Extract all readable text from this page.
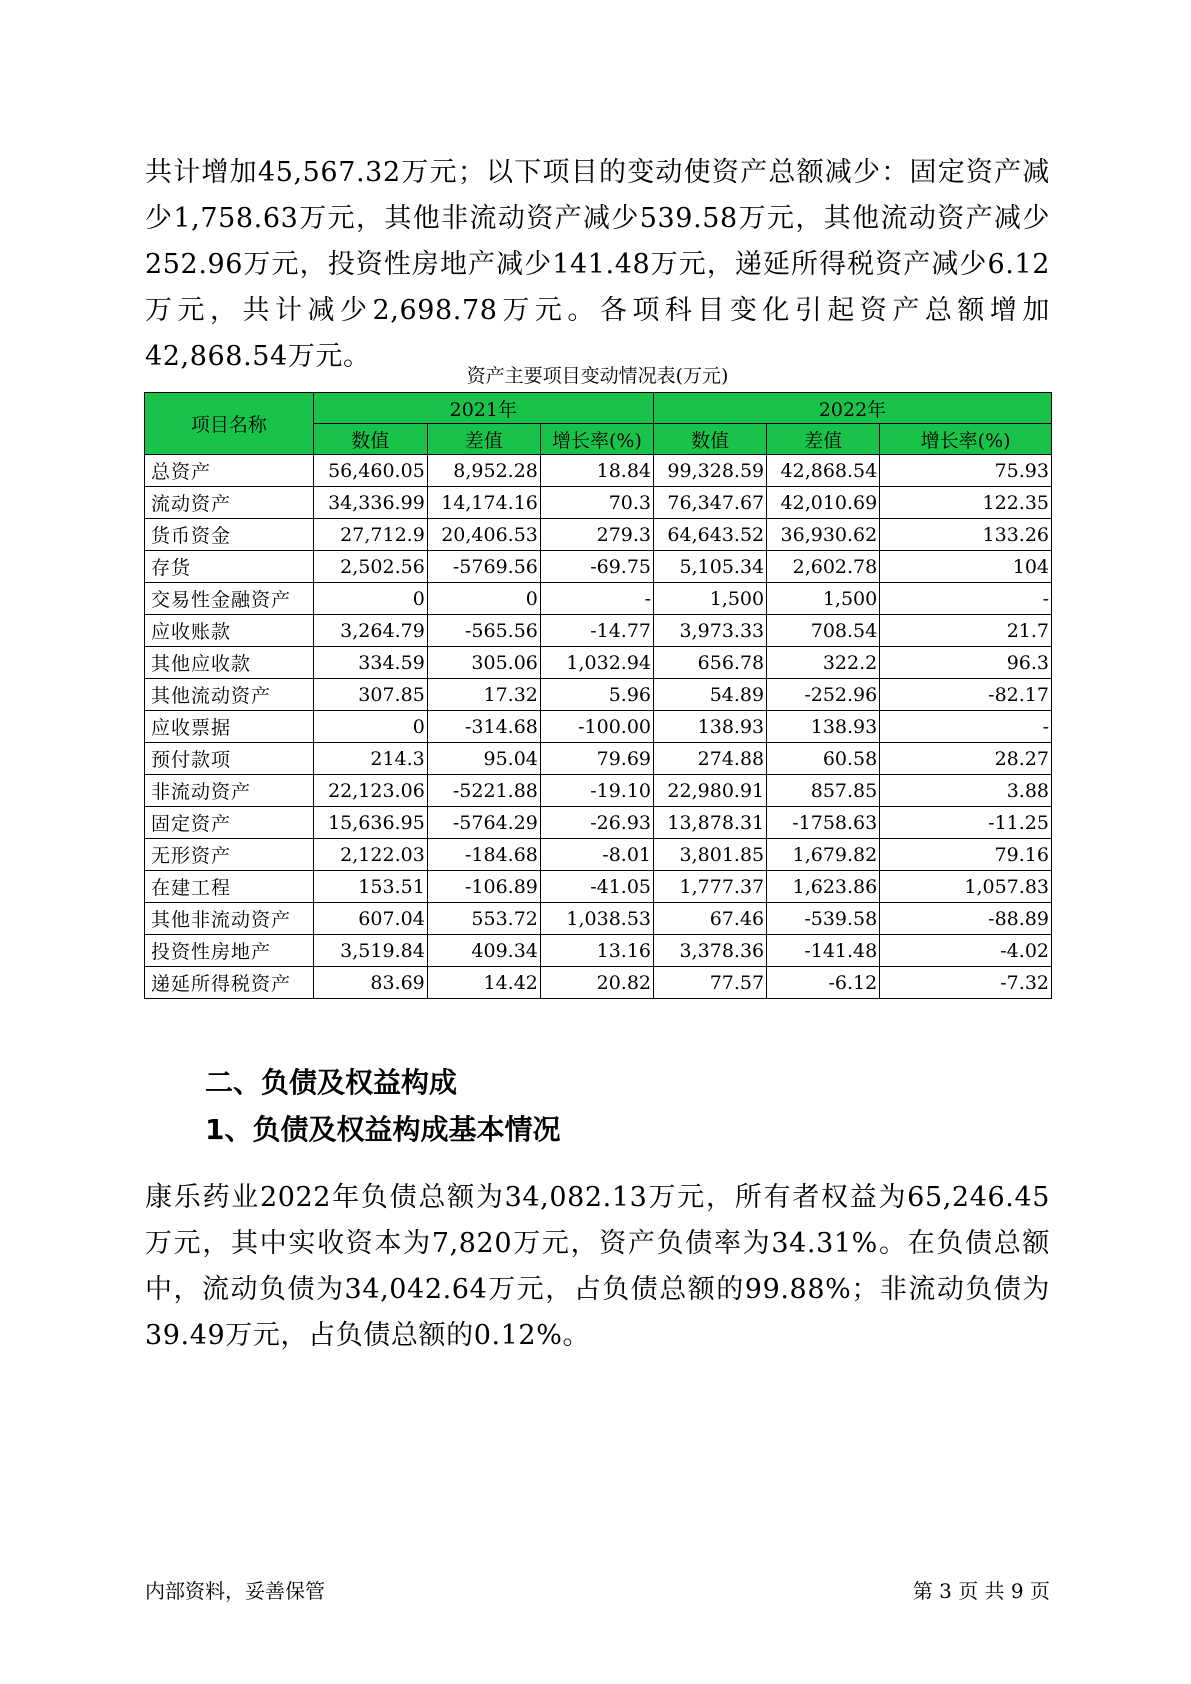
共计增加45,567.32万元；以下项目的变动使资产总额减少：固定资产减少1,758.63万元，其他非流动资产减少539.58万元，其他流动资产减少252.96万元，投资性房地产减少141.48万元，递延所得税资产减少6.12万元，共计减少2,698.78万元。各项科目变化引起资产总额增加42,868.54万元。

资产主要项目变动情况表(万元)
项目名称	2021年			2022年		
	数值	差值	增长率(%)	数值	差值	增长率(%)
总资产	56,460.05	8,952.28	18.84	99,328.59	42,868.54	75.93
流动资产	34,336.99	14,174.16	70.3	76,347.67	42,010.69	122.35
货币资金	27,712.9	20,406.53	279.3	64,643.52	36,930.62	133.26
存货	2,502.56	-5769.56	-69.75	5,105.34	2,602.78	104
交易性金融资产	0	0	-	1,500	1,500	-
应收账款	3,264.79	-565.56	-14.77	3,973.33	708.54	21.7
其他应收款	334.59	305.06	1,032.94	656.78	322.2	96.3
其他流动资产	307.85	17.32	5.96	54.89	-252.96	-82.17
应收票据	0	-314.68	-100.00	138.93	138.93	-
预付款项	214.3	95.04	79.69	274.88	60.58	28.27
非流动资产	22,123.06	-5221.88	-19.10	22,980.91	857.85	3.88
固定资产	15,636.95	-5764.29	-26.93	13,878.31	-1758.63	-11.25
无形资产	2,122.03	-184.68	-8.01	3,801.85	1,679.82	79.16
在建工程	153.51	-106.89	-41.05	1,777.37	1,623.86	1,057.83
其他非流动资产	607.04	553.72	1,038.53	67.46	-539.58	-88.89
投资性房地产	3,519.84	409.34	13.16	3,378.36	-141.48	-4.02
递延所得税资产	83.69	14.42	20.82	77.57	-6.12	-7.32
二、负债及权益构成
1、负债及权益构成基本情况

康乐药业2022年负债总额为34,082.13万元，所有者权益为65,246.45万元，其中实收资本为7,820万元，资产负债率为34.31%。在负债总额中，流动负债为34,042.64万元，占负债总额的99.88%；非流动负债为39.49万元，占负债总额的0.12%。

内部资料，妥善保管	第 3 页 共 9 页
